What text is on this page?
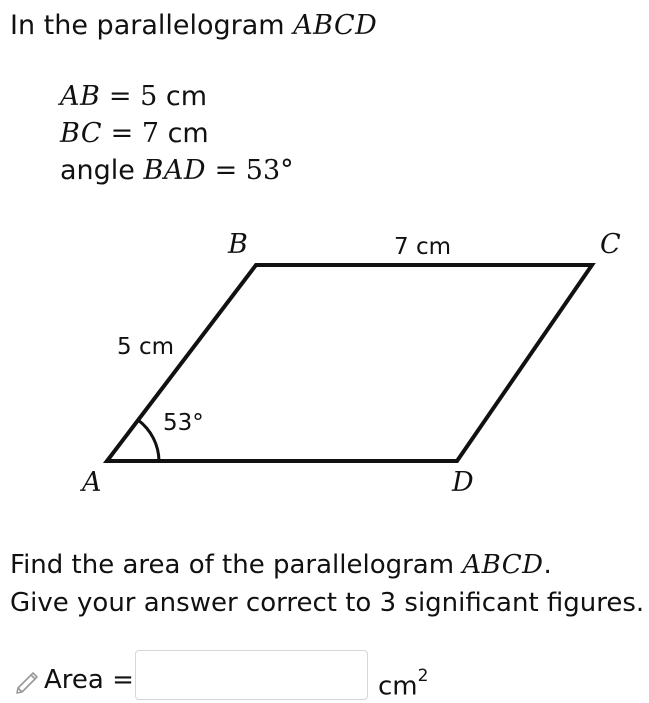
In the parallelogram ABCD
AB = 5 cm
BC = 7 cm
angle BAD = 53°
B	C
A	D
7 cm
5 cm
53°
Find the area of the parallelogram ABCD.
Give your answer correct to 3 significant figures.
Area =	$cm^2$
